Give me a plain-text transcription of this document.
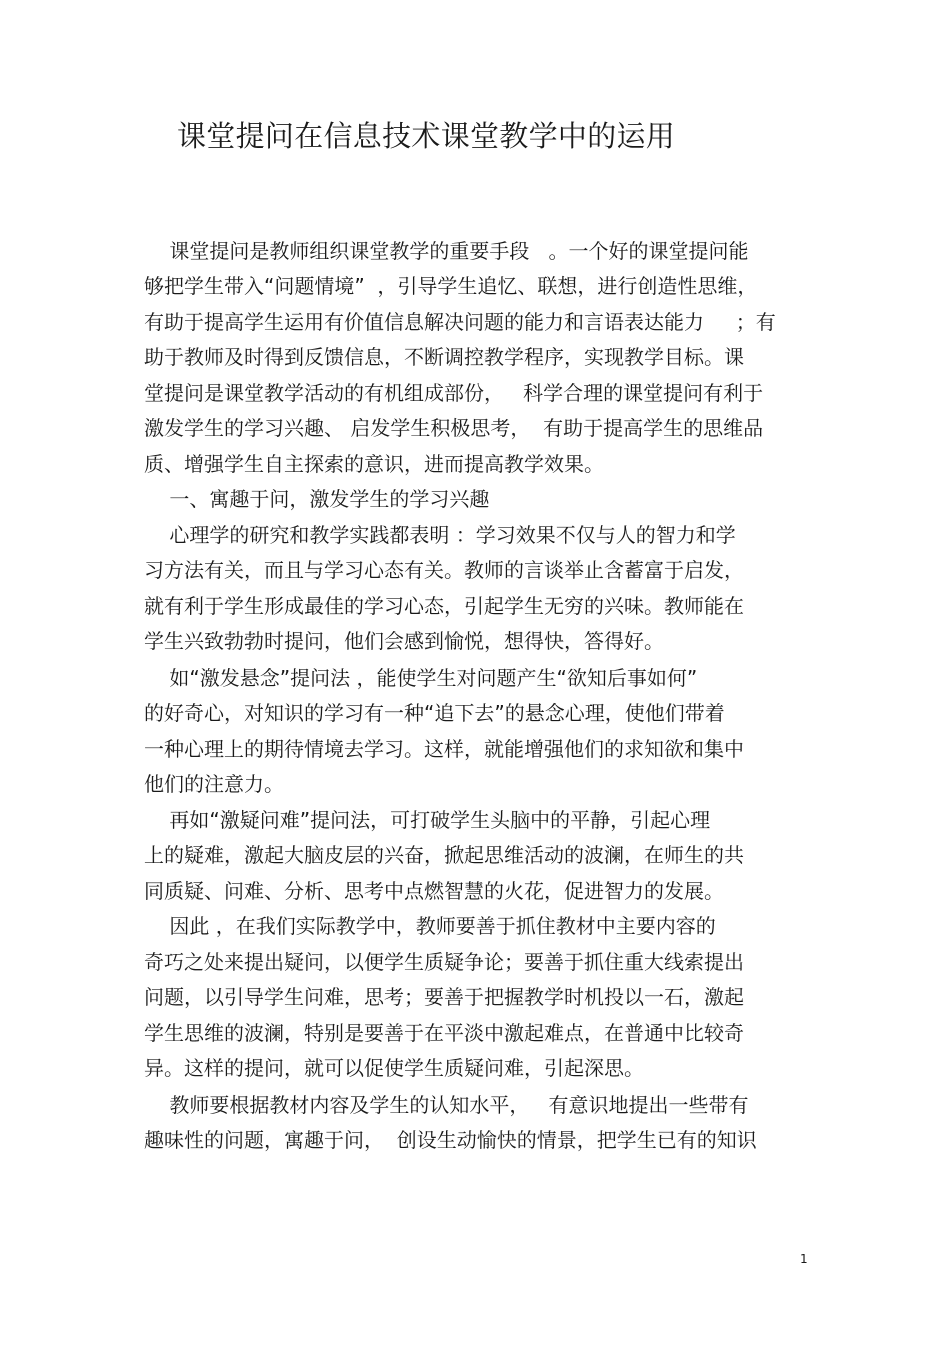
课堂提问在信息技术课堂教学中的运用
课堂提问是教师组织课堂教学的重要手段   。一个好的课堂提问能
够把学生带入“问题情境”  ，引导学生追忆、联想，进行创造性思维，
有助于提高学生运用有价值信息解决问题的能力和言语表达能力     ；有
助于教师及时得到反馈信息，不断调控教学程序，实现教学目标。课
堂提问是课堂教学活动的有机组成部份，   科学合理的课堂提问有利于
激发学生的学习兴趣、 启发学生积极思考，  有助于提高学生的思维品
质、增强学生自主探索的意识，进而提高教学效果。
一、寓趣于问，激发学生的学习兴趣
心理学的研究和教学实践都表明 ：学习效果不仅与人的智力和学
习方法有关，而且与学习心态有关。教师的言谈举止含蓄富于启发，
就有利于学生形成最佳的学习心态，引起学生无穷的兴味。教师能在
学生兴致勃勃时提问，他们会感到愉悦，想得快，答得好。
如“激发悬念”提问法 ，能使学生对问题产生“欲知后事如何”
的好奇心，对知识的学习有一种“追下去”的悬念心理，使他们带着
一种心理上的期待情境去学习。这样，就能增强他们的求知欲和集中
他们的注意力。
再如“激疑问难”提问法，可打破学生头脑中的平静，引起心理
上的疑难，激起大脑皮层的兴奋，掀起思维活动的波澜，在师生的共
同质疑、问难、分析、思考中点燃智慧的火花，促进智力的发展。
因此 ，在我们实际教学中，教师要善于抓住教材中主要内容的
奇巧之处来提出疑问，以便学生质疑争论；要善于抓住重大线索提出
问题，以引导学生问难，思考；要善于把握教学时机投以一石，激起
学生思维的波澜，特别是要善于在平淡中激起难点，在普通中比较奇
异。这样的提问，就可以促使学生质疑问难，引起深思。
教师要根据教材内容及学生的认知水平，   有意识地提出一些带有
趣味性的问题，寓趣于问，  创设生动愉快的情景，把学生已有的知识
1
